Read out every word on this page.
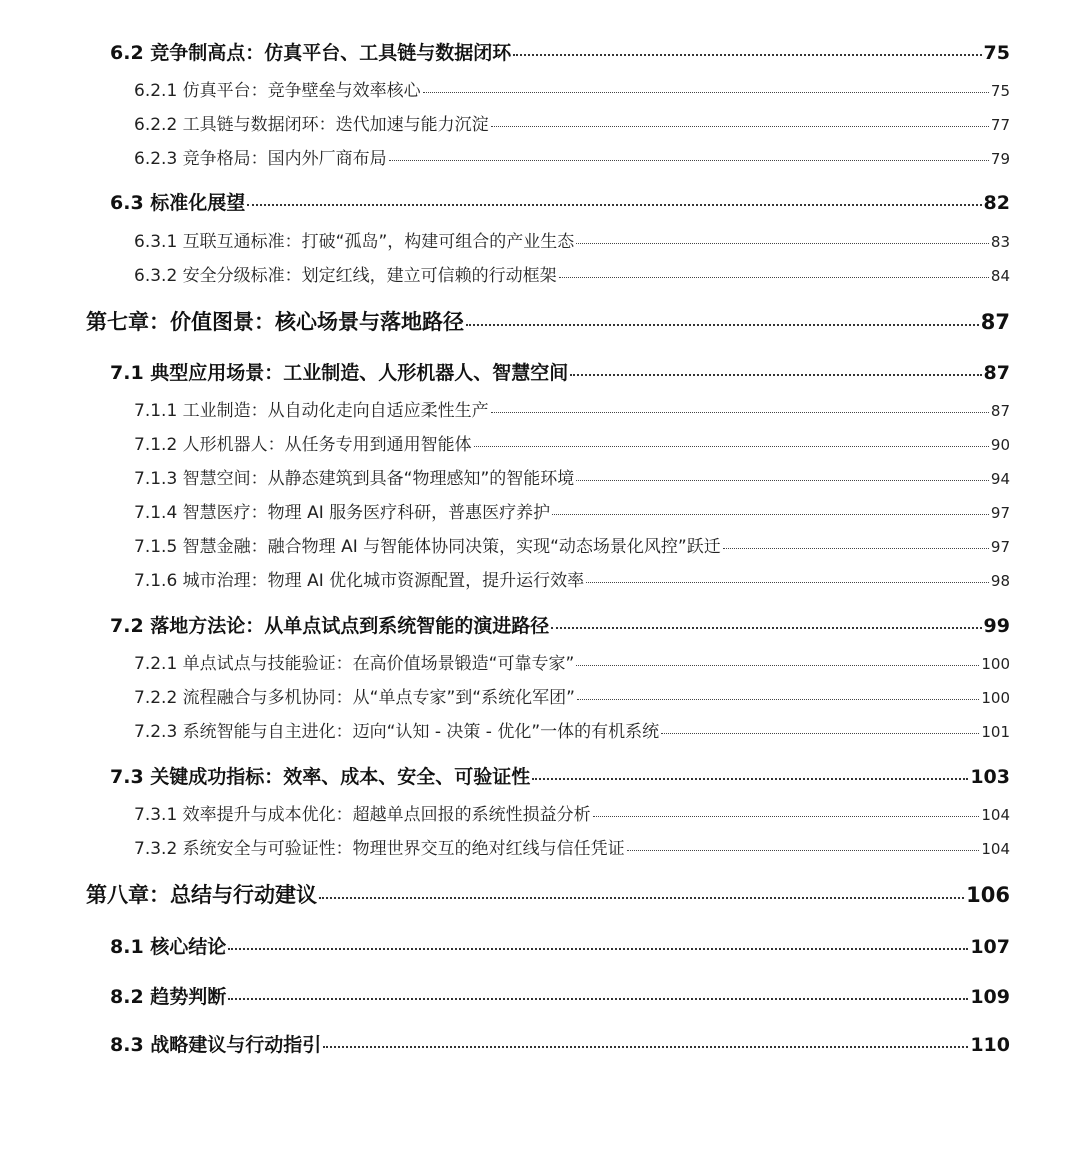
6.2 竞争制高点：仿真平台、工具链与数据闭环	75
6.2.1 仿真平台：竞争壁垒与效率核心	75
6.2.2 工具链与数据闭环：迭代加速与能力沉淀	77
6.2.3 竞争格局：国内外厂商布局	79
6.3 标准化展望	82
6.3.1 互联互通标准：打破“孤岛”，构建可组合的产业生态	83
6.3.2 安全分级标准：划定红线，建立可信赖的行动框架	84
第七章：价值图景：核心场景与落地路径	87
7.1 典型应用场景：工业制造、人形机器人、智慧空间	87
7.1.1 工业制造：从自动化走向自适应柔性生产	87
7.1.2 人形机器人：从任务专用到通用智能体	90
7.1.3 智慧空间：从静态建筑到具备“物理感知”的智能环境	94
7.1.4 智慧医疗：物理 AI 服务医疗科研，普惠医疗养护	97
7.1.5 智慧金融：融合物理 AI 与智能体协同决策，实现“动态场景化风控”跃迁	97
7.1.6 城市治理：物理 AI 优化城市资源配置，提升运行效率	98
7.2 落地方法论：从单点试点到系统智能的演进路径	99
7.2.1 单点试点与技能验证：在高价值场景锻造“可靠专家”	100
7.2.2 流程融合与多机协同：从“单点专家”到“系统化军团”	100
7.2.3 系统智能与自主进化：迈向“认知 - 决策 - 优化”一体的有机系统	101
7.3 关键成功指标：效率、成本、安全、可验证性	103
7.3.1 效率提升与成本优化：超越单点回报的系统性损益分析	104
7.3.2 系统安全与可验证性：物理世界交互的绝对红线与信任凭证	104
第八章：总结与行动建议	106
8.1 核心结论	107
8.2 趋势判断	109
8.3 战略建议与行动指引	110
